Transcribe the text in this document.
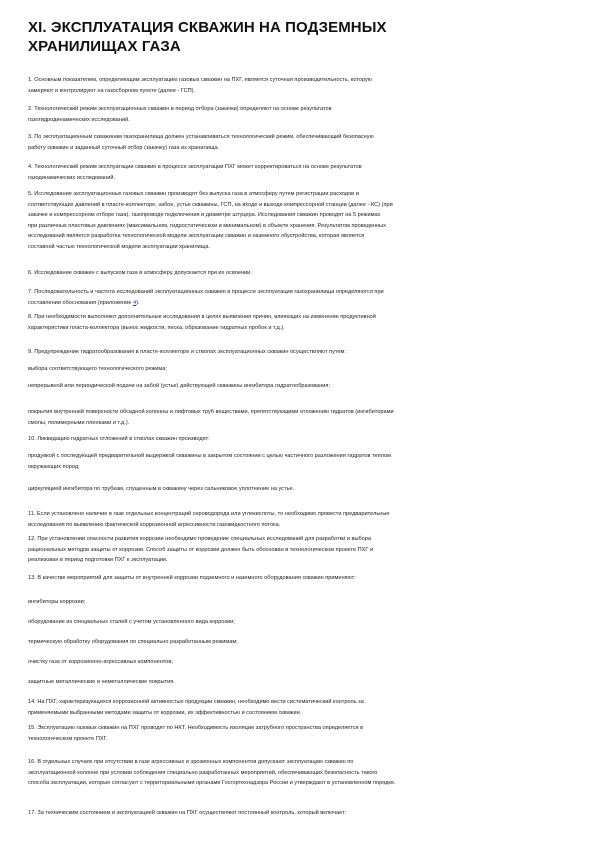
XI. ЭКСПЛУАТАЦИЯ СКВАЖИН НА ПОДЗЕМНЫХ
ХРАНИЛИЩАХ ГАЗА

1. Основным показателем, определяющим эксплуатацию газовых скважин на ПХГ, является суточная производительность, которую
замеряют и контролируют на газосборном пункте (далее - ГСП).

2. Технологический режим эксплуатационных скважин в период отбора (закачки) определяют на основе результатов
газогидродинамических исследований.

3. По эксплуатационным скважинам газохранилища должен устанавливаться технологический режим, обеспечивающий безопасную
работу скважин и заданный суточный отбор (закачку) газа из хранилища.

4. Технологический режим эксплуатации скважин в процессе эксплуатации ПХГ может корректироваться на основе результатов
газодинамических исследований.

5. Исследование эксплуатационных газовых скважин производят без выпуска газа в атмосферу путем регистрации расходов и
соответствующих давлений в пласте-коллекторе, забое, устье скважины, ГСП, на входе и выходе компрессорной станции (далее - КС) (при
закачке и компрессорном отборе газа), газопроводе подключения и диаметре штуцера. Исследования скважин проводят на 5 режимах
при различных пластовых давлениях (максимальном, гидростатическом и минимальном) в объекте хранения. Результатом проведенных
исследований является разработка технологической модели эксплуатации скважин и наземного обустройства, которая является
составной частью технологической модели эксплуатации хранилища.

6. Исследование скважин с выпуском газа в атмосферу допускается при их освоении.

7. Последовательность и частота исследований эксплуатационных скважин в процессе эксплуатации газохранилища определяются при
составлении обоснования (приложение 4).

8. При необходимости выполняют дополнительные исследования в целях выявления причин, влияющих на изменение продуктивной
характеристики пласта-коллектора (вынос жидкости, песка, образование гидратных пробок и т.д.).

9. Предупреждение гидратообразования в пласте-коллекторе и стволах эксплуатационных скважин осуществляют путем:

выбора соответствующего технологического режима;

непрерывной или периодической подачи на забой (устье) действующей скважины ингибитора гидратообразования;

покрытия внутренней поверхности обсадной колонны и лифтовых труб веществами, препятствующими отложению гидратов (ингибиторами
смолы, полимерными пленками и т.д.).

10. Ликвидацию гидратных отложений в стволах скважин производят:

продувкой с последующей предварительной выдержкой скважины в закрытом состоянии с целью частичного разложения гидратов теплом
окружающих пород;

циркуляцией ингибитора по трубкам, спущенным в скважину через сальниковое уплотнение на устье.

11. Если установлено наличие в газе отдельных концентраций сероводорода или углекислоты, то необходимо провести предварительные
исследования по выявлению фактической коррозионной агрессивности газожидкостного потока.

12. При установлении опасности развития коррозии необходимо проведение специальных исследований для разработки и выбора
рациональных методов защиты от коррозии. Способ защиты от коррозии должен быть обоснован в технологическом проекте ПХГ и
реализован в период подготовки ПХГ к эксплуатации.

13. В качестве мероприятий для защиты от внутренней коррозии подземного и наземного оборудования скважин применяют:

ингибиторы коррозии;

оборудование из специальных сталей с учетом установленного вида коррозии;

термическую обработку оборудования по специально разработанным режимам;

очистку газа от коррозионно-агрессивных компонентов;

защитные металлические и неметаллические покрытия.

14. На ПХГ, характеризующихся коррозионной активностью продукции скважин, необходимо вести систематический контроль за
применяемыми выбранными методами защиты от коррозии, их эффективностью и состоянием скважин.

15. Эксплуатацию газовых скважин на ПХГ проводят по НКТ. Необходимость изоляции затрубного пространства определяется в
технологическом проекте ПХГ.

16. В отдельных случаях при отсутствии в газе агрессивных и эрозионных компонентов допускают эксплуатацию скважин по
эксплуатационной колонне при условии соблюдения специально разработанных мероприятий, обеспечивающих безопасность такого
способа эксплуатации, которые согласуют с территориальными органами Госгортехнадзора России и утверждают в установленном порядке.

17. За техническим состоянием и эксплуатацией скважин на ПХГ осуществляют постоянный контроль, который включает:
